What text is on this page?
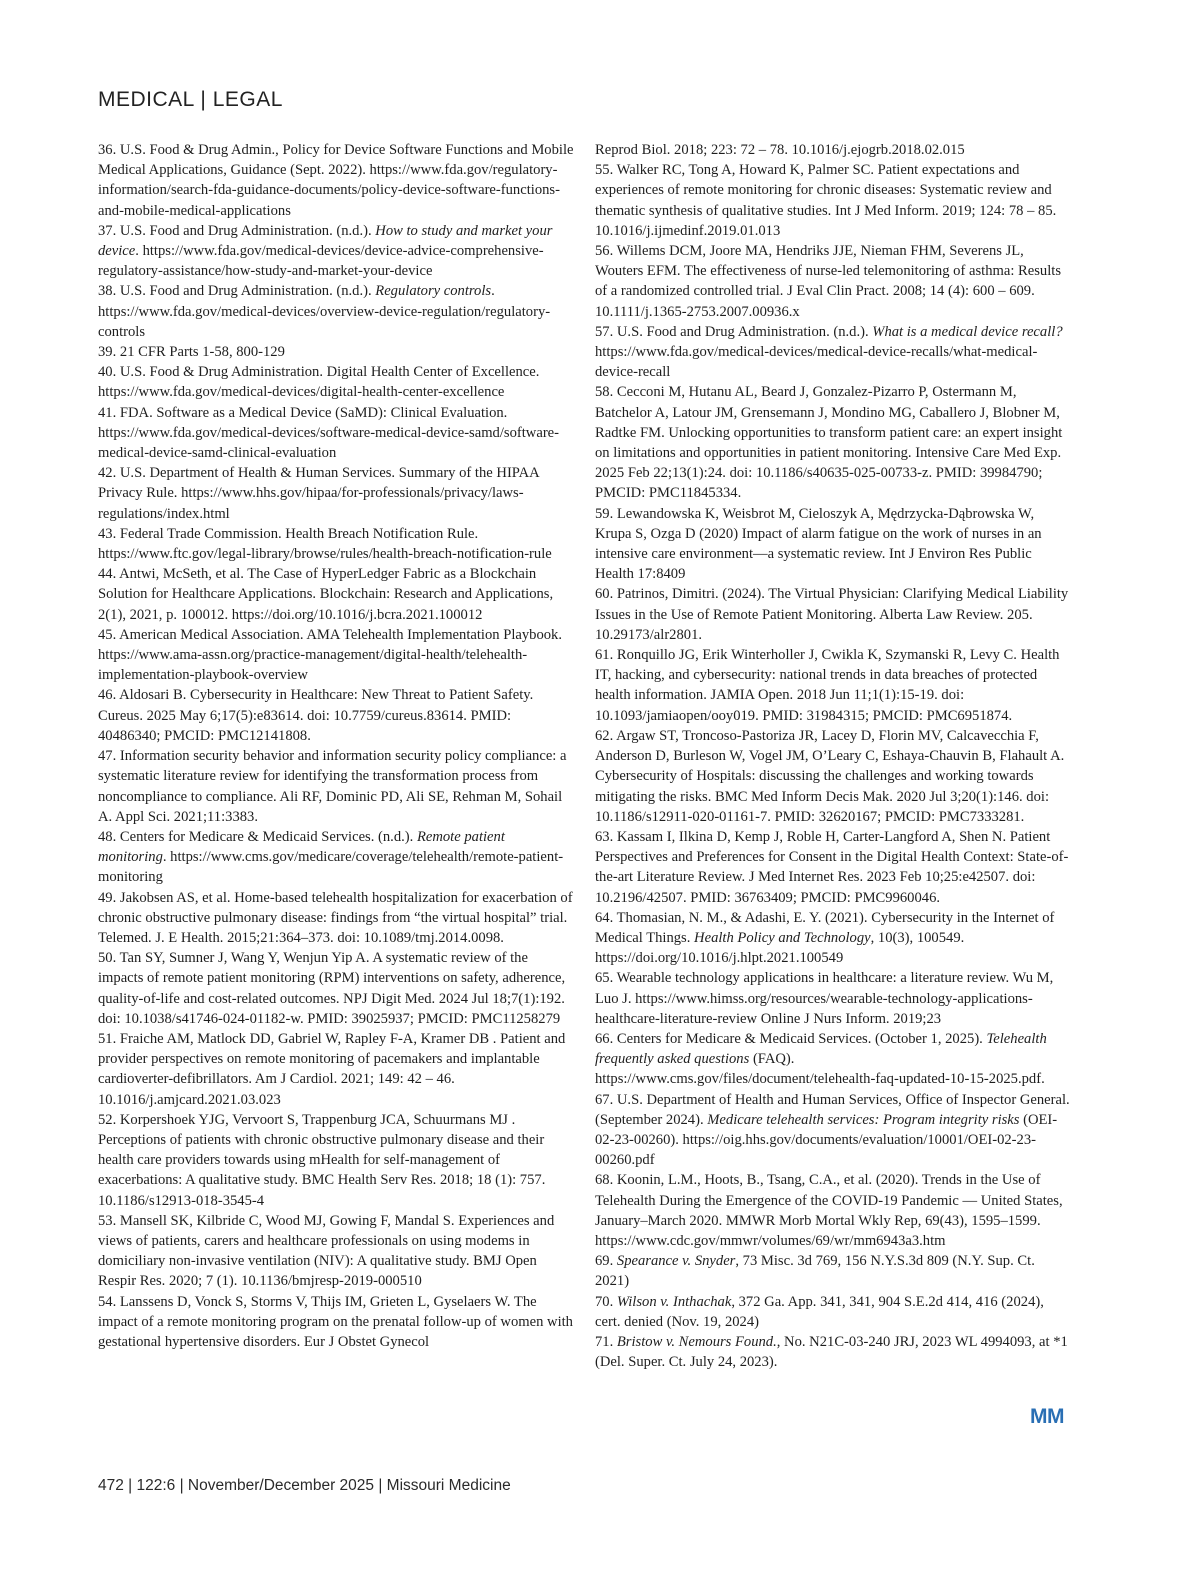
MEDICAL | LEGAL

36. U.S. Food & Drug Admin., Policy for Device Software Functions and Mobile Medical Applications, Guidance (Sept. 2022). https://www.fda.gov/regulatory-information/search-fda-guidance-documents/policy-device-software-functions-and-mobile-medical-applications

37. U.S. Food and Drug Administration. (n.d.). How to study and market your device. https://www.fda.gov/medical-devices/device-advice-comprehensive-regulatory-assistance/how-study-and-market-your-device

38. U.S. Food and Drug Administration. (n.d.). Regulatory controls. https://www.fda.gov/medical-devices/overview-device-regulation/regulatory-controls

39. 21 CFR Parts 1-58, 800-129

40. U.S. Food & Drug Administration. Digital Health Center of Excellence. https://www.fda.gov/medical-devices/digital-health-center-excellence

41. FDA. Software as a Medical Device (SaMD): Clinical Evaluation. https://www.fda.gov/medical-devices/software-medical-device-samd/software-medical-device-samd-clinical-evaluation

42. U.S. Department of Health & Human Services. Summary of the HIPAA Privacy Rule. https://www.hhs.gov/hipaa/for-professionals/privacy/laws-regulations/index.html

43. Federal Trade Commission. Health Breach Notification Rule. https://www.ftc.gov/legal-library/browse/rules/health-breach-notification-rule

44. Antwi, McSeth, et al. The Case of HyperLedger Fabric as a Blockchain Solution for Healthcare Applications. Blockchain: Research and Applications, 2(1), 2021, p. 100012. https://doi.org/10.1016/j.bcra.2021.100012

45. American Medical Association. AMA Telehealth Implementation Playbook. https://www.ama-assn.org/practice-management/digital-health/telehealth-implementation-playbook-overview

46. Aldosari B. Cybersecurity in Healthcare: New Threat to Patient Safety. Cureus. 2025 May 6;17(5):e83614. doi: 10.7759/cureus.83614. PMID: 40486340; PMCID: PMC12141808.

47. Information security behavior and information security policy compliance: a systematic literature review for identifying the transformation process from noncompliance to compliance. Ali RF, Dominic PD, Ali SE, Rehman M, Sohail A. Appl Sci. 2021;11:3383.

48. Centers for Medicare & Medicaid Services. (n.d.). Remote patient monitoring. https://www.cms.gov/medicare/coverage/telehealth/remote-patient-monitoring

49. Jakobsen AS, et al. Home-based telehealth hospitalization for exacerbation of chronic obstructive pulmonary disease: findings from “the virtual hospital” trial. Telemed. J. E Health. 2015;21:364–373. doi: 10.1089/tmj.2014.0098.

50. Tan SY, Sumner J, Wang Y, Wenjun Yip A. A systematic review of the impacts of remote patient monitoring (RPM) interventions on safety, adherence, quality-of-life and cost-related outcomes. NPJ Digit Med. 2024 Jul 18;7(1):192. doi: 10.1038/s41746-024-01182-w. PMID: 39025937; PMCID: PMC11258279

51. Fraiche AM, Matlock DD, Gabriel W, Rapley F-A, Kramer DB . Patient and provider perspectives on remote monitoring of pacemakers and implantable cardioverter-defibrillators. Am J Cardiol. 2021; 149: 42 – 46. 10.1016/j.amjcard.2021.03.023

52. Korpershoek YJG, Vervoort S, Trappenburg JCA, Schuurmans MJ . Perceptions of patients with chronic obstructive pulmonary disease and their health care providers towards using mHealth for self-management of exacerbations: A qualitative study. BMC Health Serv Res. 2018; 18 (1): 757. 10.1186/s12913-018-3545-4

53. Mansell SK, Kilbride C, Wood MJ, Gowing F, Mandal S. Experiences and views of patients, carers and healthcare professionals on using modems in domiciliary non-invasive ventilation (NIV): A qualitative study. BMJ Open Respir Res. 2020; 7 (1). 10.1136/bmjresp-2019-000510

54. Lanssens D, Vonck S, Storms V, Thijs IM, Grieten L, Gyselaers W. The impact of a remote monitoring program on the prenatal follow-up of women with gestational hypertensive disorders. Eur J Obstet Gynecol

Reprod Biol. 2018; 223: 72 – 78. 10.1016/j.ejogrb.2018.02.015

55. Walker RC, Tong A, Howard K, Palmer SC. Patient expectations and experiences of remote monitoring for chronic diseases: Systematic review and thematic synthesis of qualitative studies. Int J Med Inform. 2019; 124: 78 – 85. 10.1016/j.ijmedinf.2019.01.013

56. Willems DCM, Joore MA, Hendriks JJE, Nieman FHM, Severens JL, Wouters EFM. The effectiveness of nurse-led telemonitoring of asthma: Results of a randomized controlled trial. J Eval Clin Pract. 2008; 14 (4): 600 – 609. 10.1111/j.1365-2753.2007.00936.x

57. U.S. Food and Drug Administration. (n.d.). What is a medical device recall? https://www.fda.gov/medical-devices/medical-device-recalls/what-medical-device-recall

58. Cecconi M, Hutanu AL, Beard J, Gonzalez-Pizarro P, Ostermann M, Batchelor A, Latour JM, Grensemann J, Mondino MG, Caballero J, Blobner M, Radtke FM. Unlocking opportunities to transform patient care: an expert insight on limitations and opportunities in patient monitoring. Intensive Care Med Exp. 2025 Feb 22;13(1):24. doi: 10.1186/s40635-025-00733-z. PMID: 39984790; PMCID: PMC11845334.

59. Lewandowska K, Weisbrot M, Cieloszyk A, Mędrzycka-Dąbrowska W, Krupa S, Ozga D (2020) Impact of alarm fatigue on the work of nurses in an intensive care environment—a systematic review. Int J Environ Res Public Health 17:8409

60. Patrinos, Dimitri. (2024). The Virtual Physician: Clarifying Medical Liability Issues in the Use of Remote Patient Monitoring. Alberta Law Review. 205. 10.29173/alr2801.

61. Ronquillo JG, Erik Winterholler J, Cwikla K, Szymanski R, Levy C. Health IT, hacking, and cybersecurity: national trends in data breaches of protected health information. JAMIA Open. 2018 Jun 11;1(1):15-19. doi: 10.1093/jamiaopen/ooy019. PMID: 31984315; PMCID: PMC6951874.

62. Argaw ST, Troncoso-Pastoriza JR, Lacey D, Florin MV, Calcavecchia F, Anderson D, Burleson W, Vogel JM, O’Leary C, Eshaya-Chauvin B, Flahault A. Cybersecurity of Hospitals: discussing the challenges and working towards mitigating the risks. BMC Med Inform Decis Mak. 2020 Jul 3;20(1):146. doi: 10.1186/s12911-020-01161-7. PMID: 32620167; PMCID: PMC7333281.

63. Kassam I, Ilkina D, Kemp J, Roble H, Carter-Langford A, Shen N. Patient Perspectives and Preferences for Consent in the Digital Health Context: State-of-the-art Literature Review. J Med Internet Res. 2023 Feb 10;25:e42507. doi: 10.2196/42507. PMID: 36763409; PMCID: PMC9960046.

64. Thomasian, N. M., & Adashi, E. Y. (2021). Cybersecurity in the Internet of Medical Things. Health Policy and Technology, 10(3), 100549. https://doi.org/10.1016/j.hlpt.2021.100549

65. Wearable technology applications in healthcare: a literature review. Wu M, Luo J. https://www.himss.org/resources/wearable-technology-applications-healthcare-literature-review Online J Nurs Inform. 2019;23

66. Centers for Medicare & Medicaid Services. (October 1, 2025). Telehealth frequently asked questions (FAQ). https://www.cms.gov/files/document/telehealth-faq-updated-10-15-2025.pdf.

67. U.S. Department of Health and Human Services, Office of Inspector General. (September 2024). Medicare telehealth services: Program integrity risks (OEI-02-23-00260). https://oig.hhs.gov/documents/evaluation/10001/OEI-02-23-00260.pdf

68. Koonin, L.M., Hoots, B., Tsang, C.A., et al. (2020). Trends in the Use of Telehealth During the Emergence of the COVID-19 Pandemic — United States, January–March 2020. MMWR Morb Mortal Wkly Rep, 69(43), 1595–1599. https://www.cdc.gov/mmwr/volumes/69/wr/mm6943a3.htm

69. Spearance v. Snyder, 73 Misc. 3d 769, 156 N.Y.S.3d 809 (N.Y. Sup. Ct. 2021)

70. Wilson v. Inthachak, 372 Ga. App. 341, 341, 904 S.E.2d 414, 416 (2024), cert. denied (Nov. 19, 2024)

71. Bristow v. Nemours Found., No. N21C-03-240 JRJ, 2023 WL 4994093, at *1 (Del. Super. Ct. July 24, 2023).

MM
472 | 122:6 | November/December 2025 | Missouri Medicine
